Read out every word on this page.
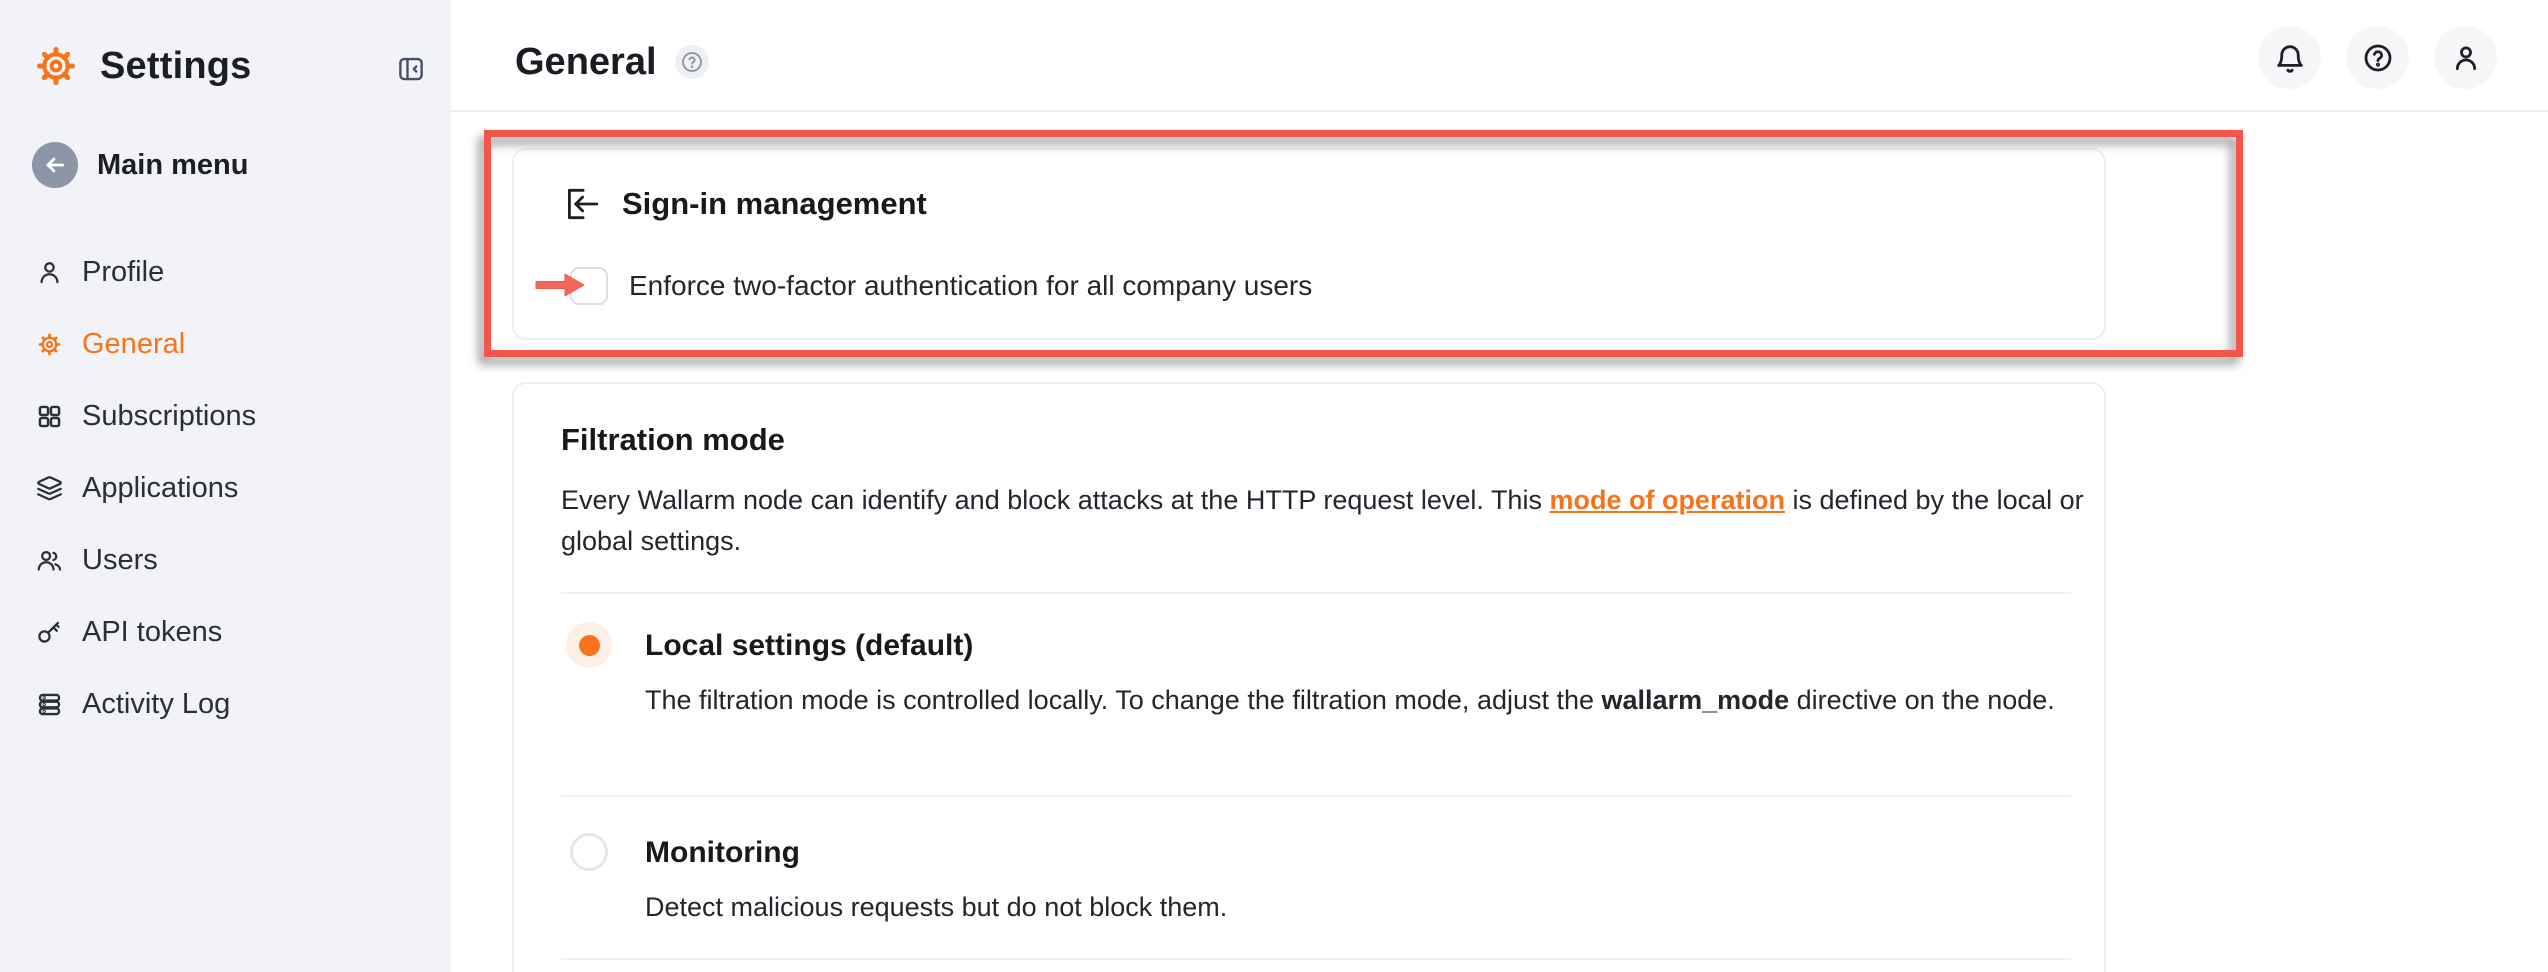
Settings
Main menu
Profile
General
Subscriptions
Applications
Users
API tokens
Activity Log
General
Sign-in management
Enforce two-factor authentication for all company users
Filtration mode

Every Wallarm node can identify and block attacks at the HTTP request level. This mode of operation is defined by the local or global settings.

Local settings (default)

The filtration mode is controlled locally. To change the filtration mode, adjust the wallarm_mode directive on the node.

Monitoring

Detect malicious requests but do not block them.
